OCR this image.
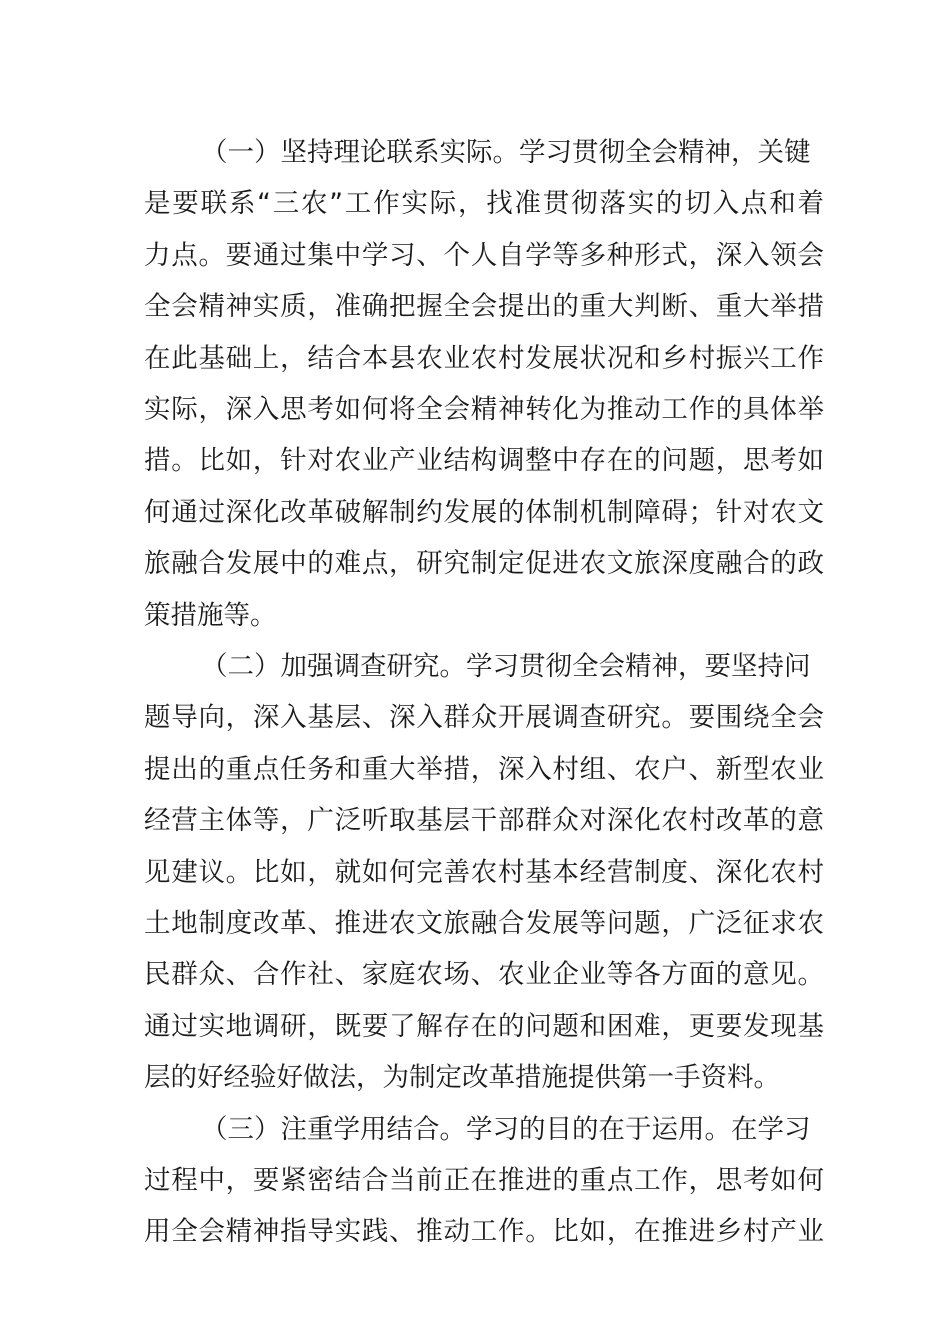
（一）坚持理论联系实际。学习贯彻全会精神，关键
是要联系“三农”工作实际，找准贯彻落实的切入点和着
力点。要通过集中学习、个人自学等多种形式，深入领会
全会精神实质，准确把握全会提出的重大判断、重大举措
在此基础上，结合本县农业农村发展状况和乡村振兴工作
实际，深入思考如何将全会精神转化为推动工作的具体举
措。比如，针对农业产业结构调整中存在的问题，思考如
何通过深化改革破解制约发展的体制机制障碍；针对农文
旅融合发展中的难点，研究制定促进农文旅深度融合的政
策措施等。
（二）加强调查研究。学习贯彻全会精神，要坚持问
题导向，深入基层、深入群众开展调查研究。要围绕全会
提出的重点任务和重大举措，深入村组、农户、新型农业
经营主体等，广泛听取基层干部群众对深化农村改革的意
见建议。比如，就如何完善农村基本经营制度、深化农村
土地制度改革、推进农文旅融合发展等问题，广泛征求农
民群众、合作社、家庭农场、农业企业等各方面的意见。
通过实地调研，既要了解存在的问题和困难，更要发现基
层的好经验好做法，为制定改革措施提供第一手资料。
（三）注重学用结合。学习的目的在于运用。在学习
过程中，要紧密结合当前正在推进的重点工作，思考如何
用全会精神指导实践、推动工作。比如，在推进乡村产业
